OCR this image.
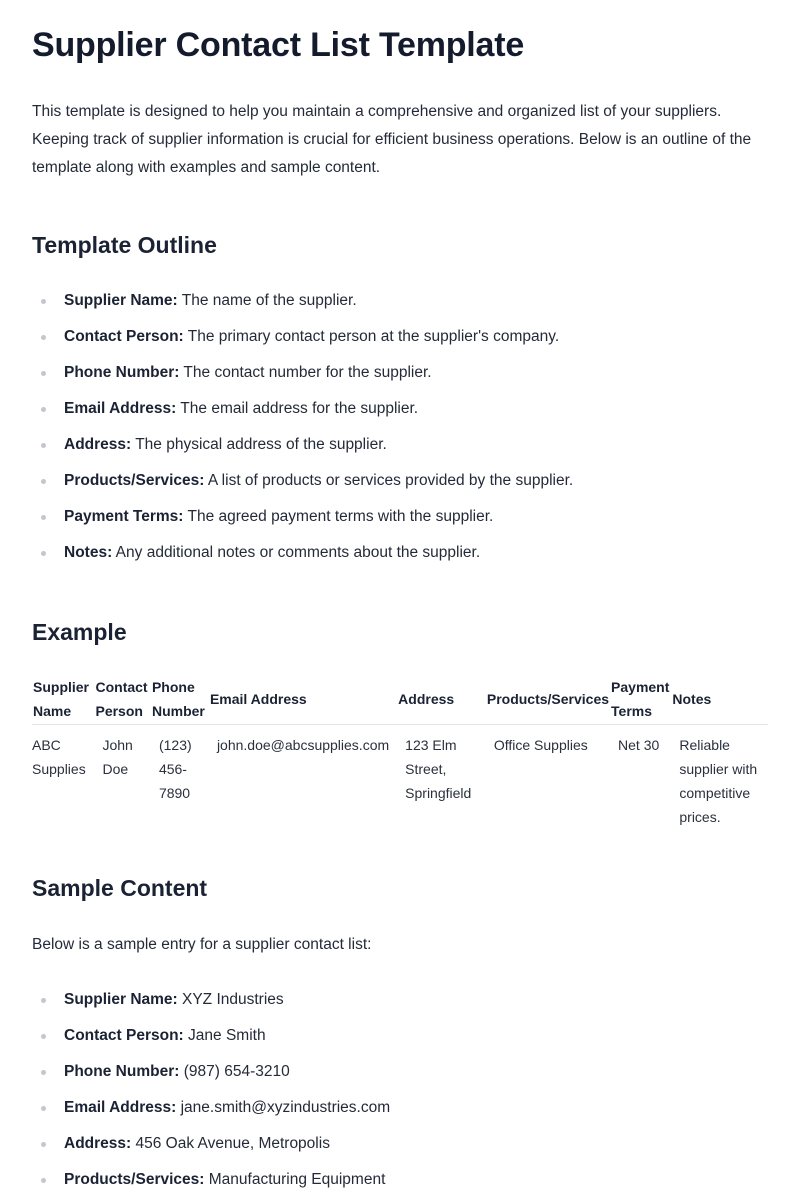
Supplier Contact List Template

This template is designed to help you maintain a comprehensive and organized list of your suppliers. Keeping track of supplier information is crucial for efficient business operations. Below is an outline of the template along with examples and sample content.

Template Outline
Supplier Name: The name of the supplier.
Contact Person: The primary contact person at the supplier's company.
Phone Number: The contact number for the supplier.
Email Address: The email address for the supplier.
Address: The physical address of the supplier.
Products/Services: A list of products or services provided by the supplier.
Payment Terms: The agreed payment terms with the supplier.
Notes: Any additional notes or comments about the supplier.
Example
Supplier Name	Contact Person	Phone Number	Email Address	Address	Products/Services	Payment Terms	Notes
ABC Supplies	John Doe	(123) 456-7890	john.doe@abcsupplies.com	123 Elm Street, Springfield	Office Supplies	Net 30	Reliable supplier with competitive prices.
Sample Content

Below is a sample entry for a supplier contact list:

Supplier Name: XYZ Industries
Contact Person: Jane Smith
Phone Number: (987) 654-3210
Email Address: jane.smith@xyzindustries.com
Address: 456 Oak Avenue, Metropolis
Products/Services: Manufacturing Equipment
